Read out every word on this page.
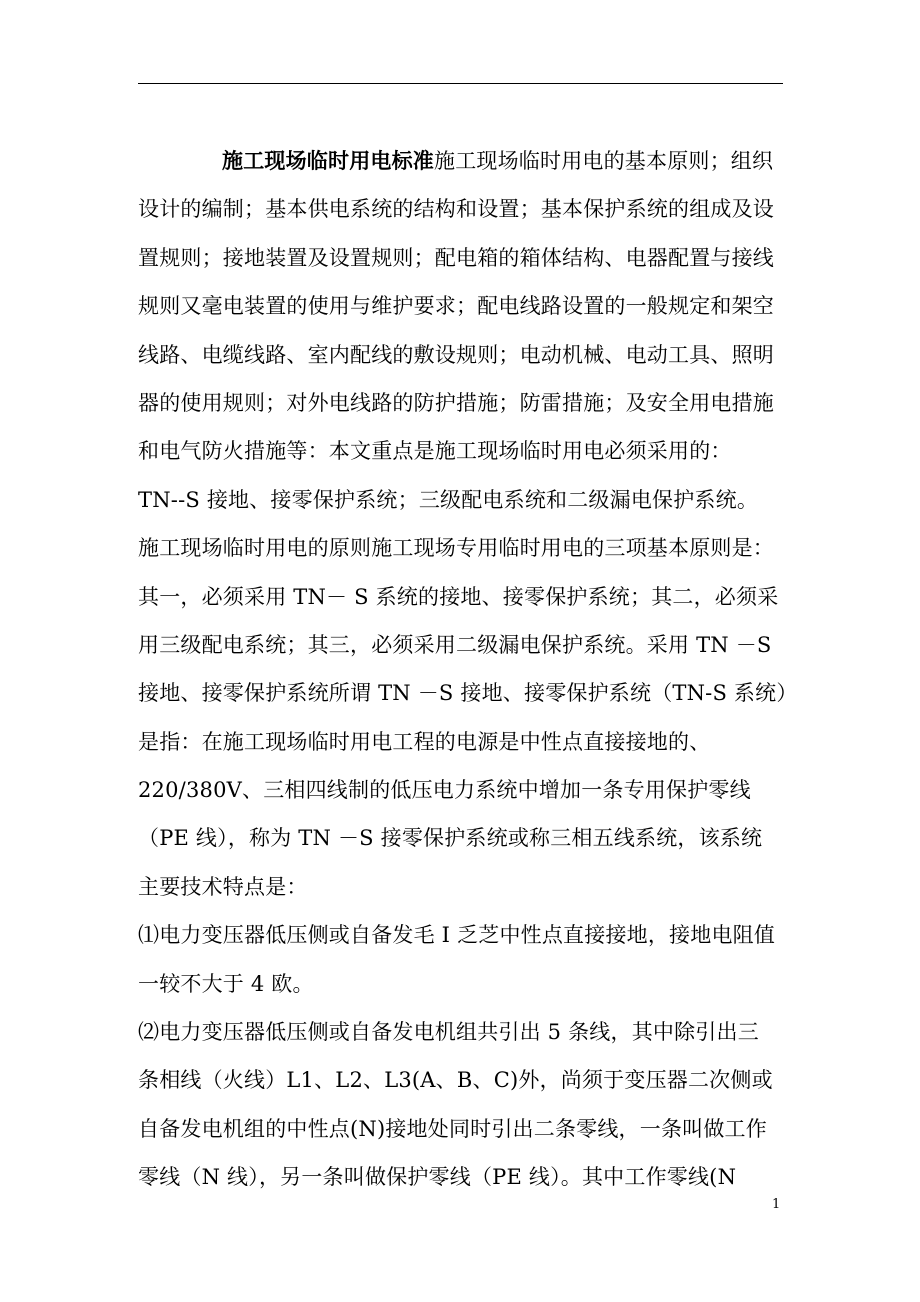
施工现场临时用电标准施工现场临时用电的基本原则；组织
设计的编制；基本供电系统的结构和设置；基本保护系统的组成及设
置规则；接地装置及设置规则；配电箱的箱体结构、电器配置与接线
规则又毫电装置的使用与维护要求；配电线路设置的一般规定和架空
线路、电缆线路、室内配线的敷设规则；电动机械、电动工具、照明
器的使用规则；对外电线路的防护措施；防雷措施；及安全用电措施
和电气防火措施等：本文重点是施工现场临时用电必须采用的：
TN--S 接地、接零保护系统；三级配电系统和二级漏电保护系统。
施工现场临时用电的原则施工现场专用临时用电的三项基本原则是：
其一，必须采用 TN－ S 系统的接地、接零保护系统；其二，必须采
用三级配电系统；其三，必须采用二级漏电保护系统。采用 TN －S
接地、接零保护系统所谓 TN －S 接地、接零保护系统（TN-S 系统）
是指：在施工现场临时用电工程的电源是中性点直接接地的、
220/380V、三相四线制的低压电力系统中增加一条专用保护零线
（PE 线），称为 TN －S 接零保护系统或称三相五线系统，该系统
主要技术特点是：
⑴电力变压器低压侧或自备发毛 I 乏芝中性点直接接地，接地电阻值
一较不大于 4 欧。
⑵电力变压器低压侧或自备发电机组共引出 5 条线，其中除引出三
条相线（火线）L1、L2、L3(A、B、C)外，尚须于变压器二次侧或
自备发电机组的中性点(N)接地处同时引出二条零线，一条叫做工作
零线（N 线），另一条叫做保护零线（PE 线）。其中工作零线(N
1
